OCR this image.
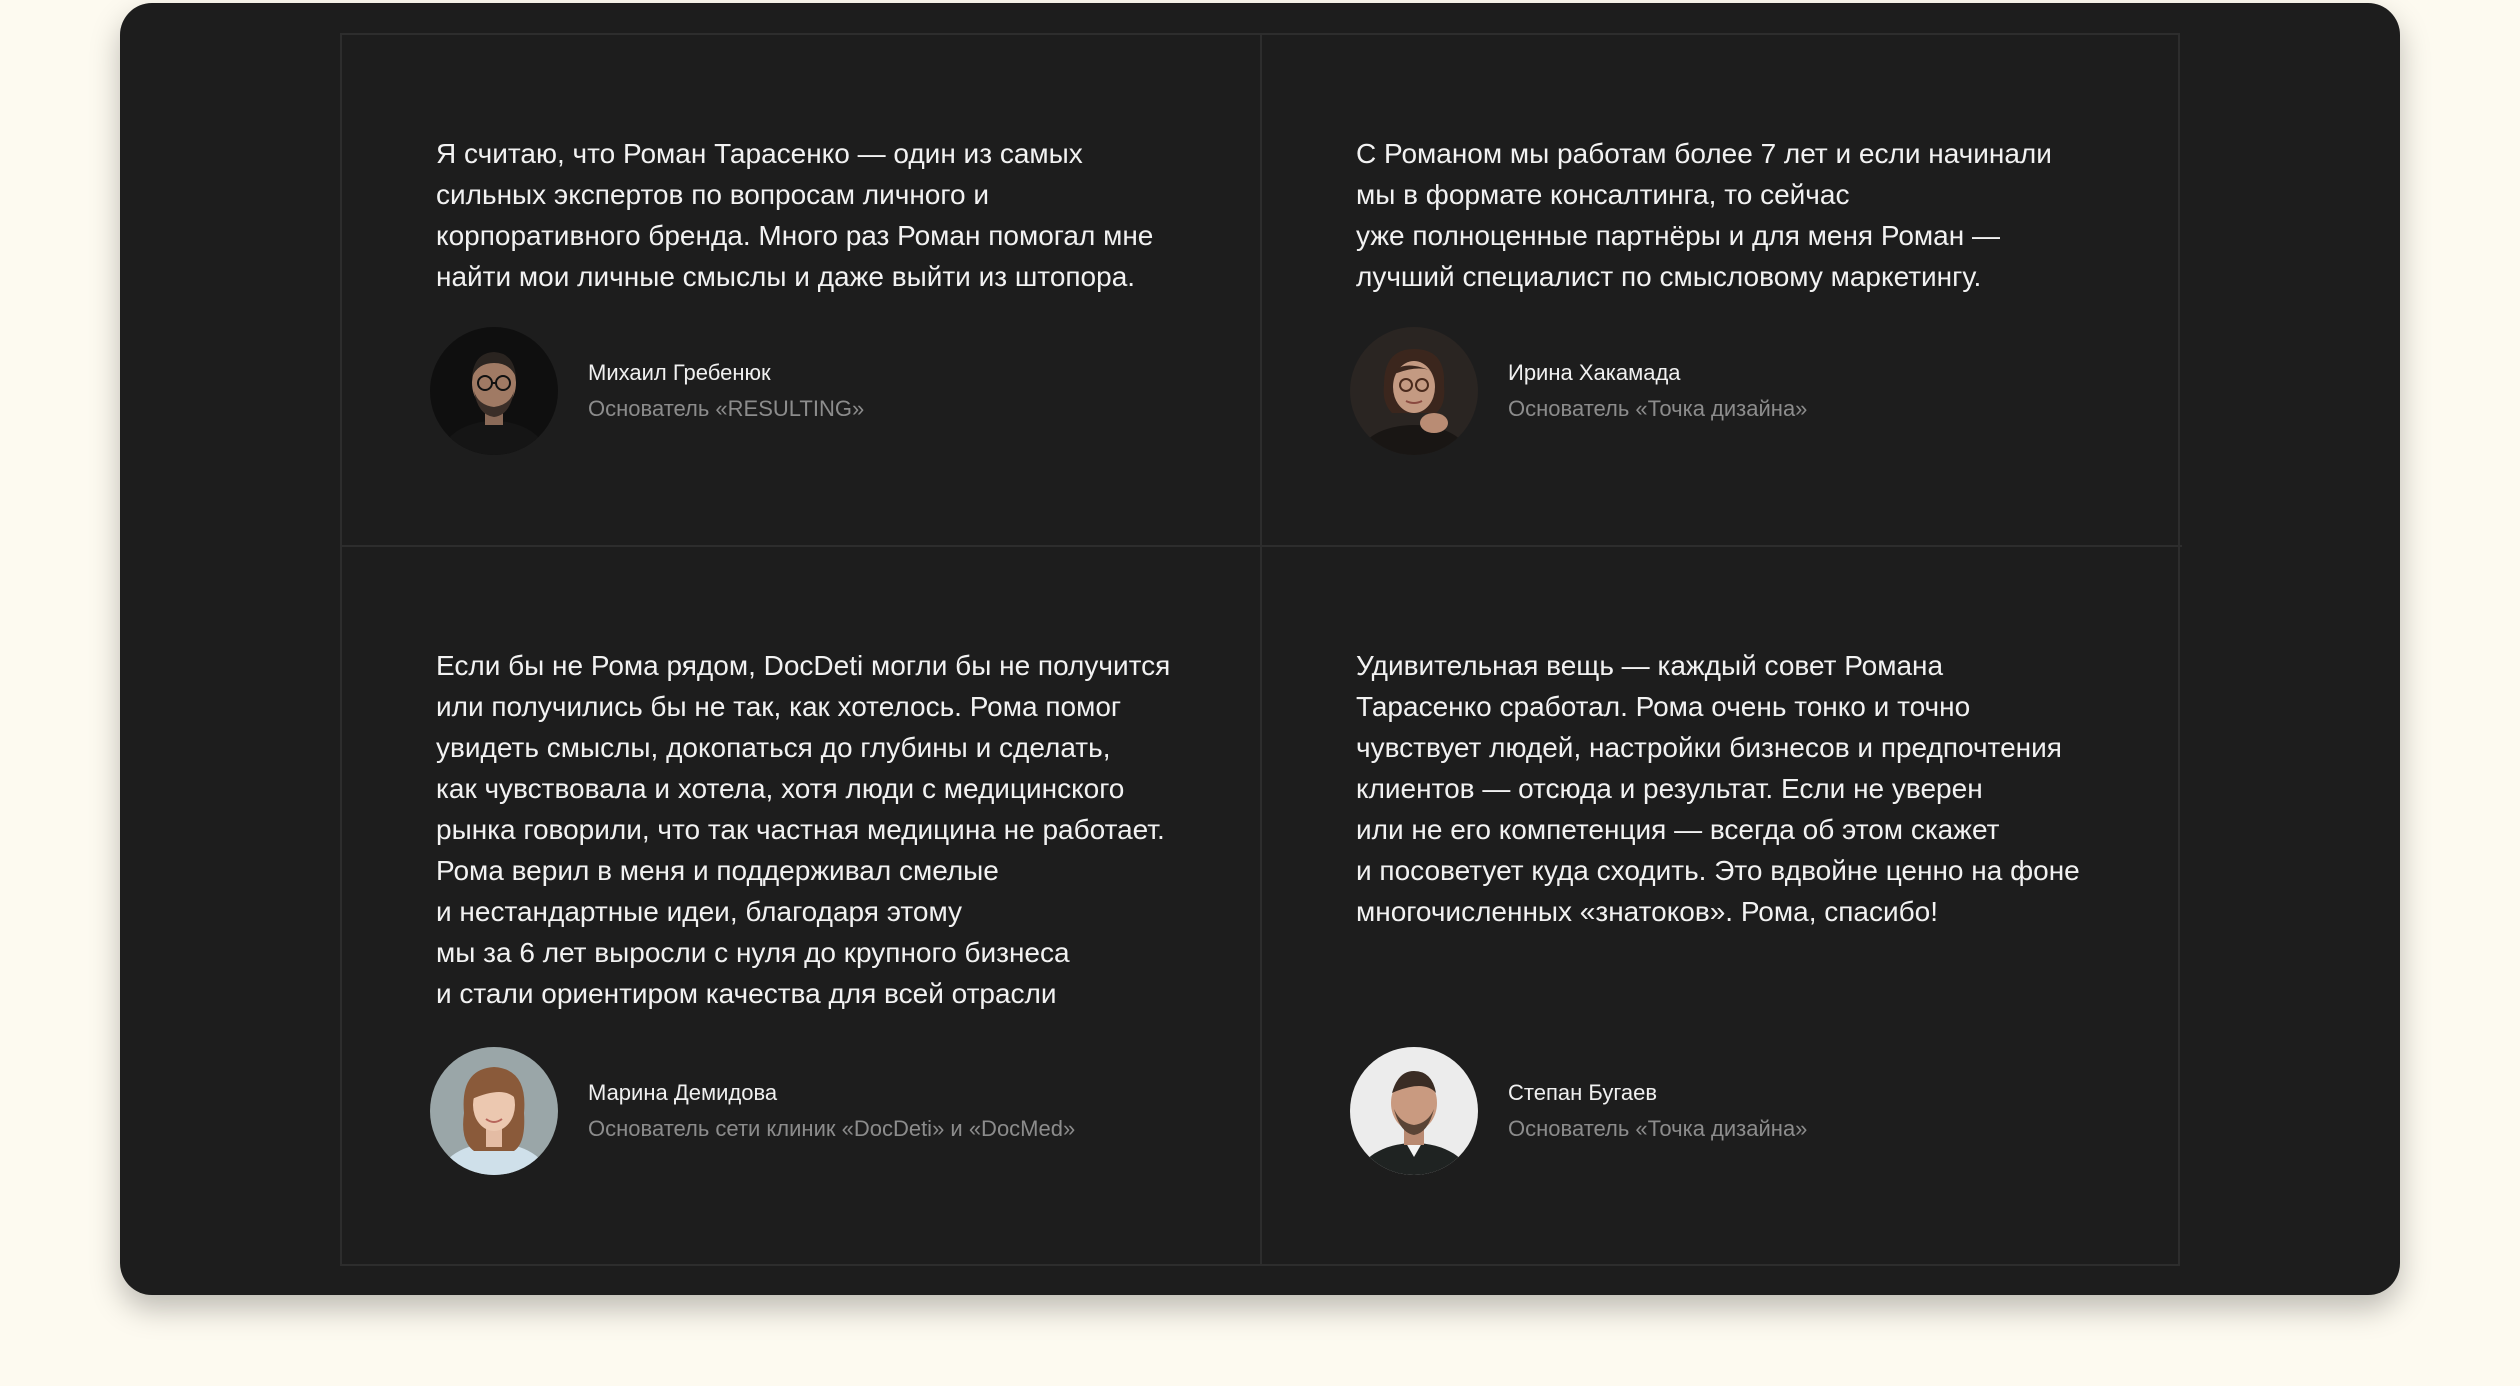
Я считаю, что Роман Тарасенко — один из самых
сильных экспертов по вопросам личного и
корпоративного бренда. Много раз Роман помогал мне
найти мои личные смыслы и даже выйти из штопора.

Михаил Гребенюк
Основатель «RESULTING»

С Романом мы работам более 7 лет и если начинали
мы в формате консалтинга, то сейчас
уже полноценные партнёры и для меня Роман —
лучший специалист по смысловому маркетингу.

Ирина Хакамада
Основатель «Точка дизайна»

Если бы не Рома рядом, DocDeti могли бы не получится
или получились бы не так, как хотелось. Рома помог
увидеть смыслы, докопаться до глубины и сделать,
как чувствовала и хотела, хотя люди с медицинского
рынка говорили, что так частная медицина не работает.
Рома верил в меня и поддерживал смелые
и нестандартные идеи, благодаря этому
мы за 6 лет выросли с нуля до крупного бизнеса
и стали ориентиром качества для всей отрасли

Марина Демидова
Основатель сети клиник «DocDeti» и «DocMed»

Удивительная вещь — каждый совет Романа
Тарасенко сработал. Рома очень тонко и точно
чувствует людей, настройки бизнесов и предпочтения
клиентов — отсюда и результат. Если не уверен
или не его компетенция — всегда об этом скажет
и посоветует куда сходить. Это вдвойне ценно на фоне
многочисленных «знатоков». Рома, спасибо!

Степан Бугаев
Основатель «Точка дизайна»
